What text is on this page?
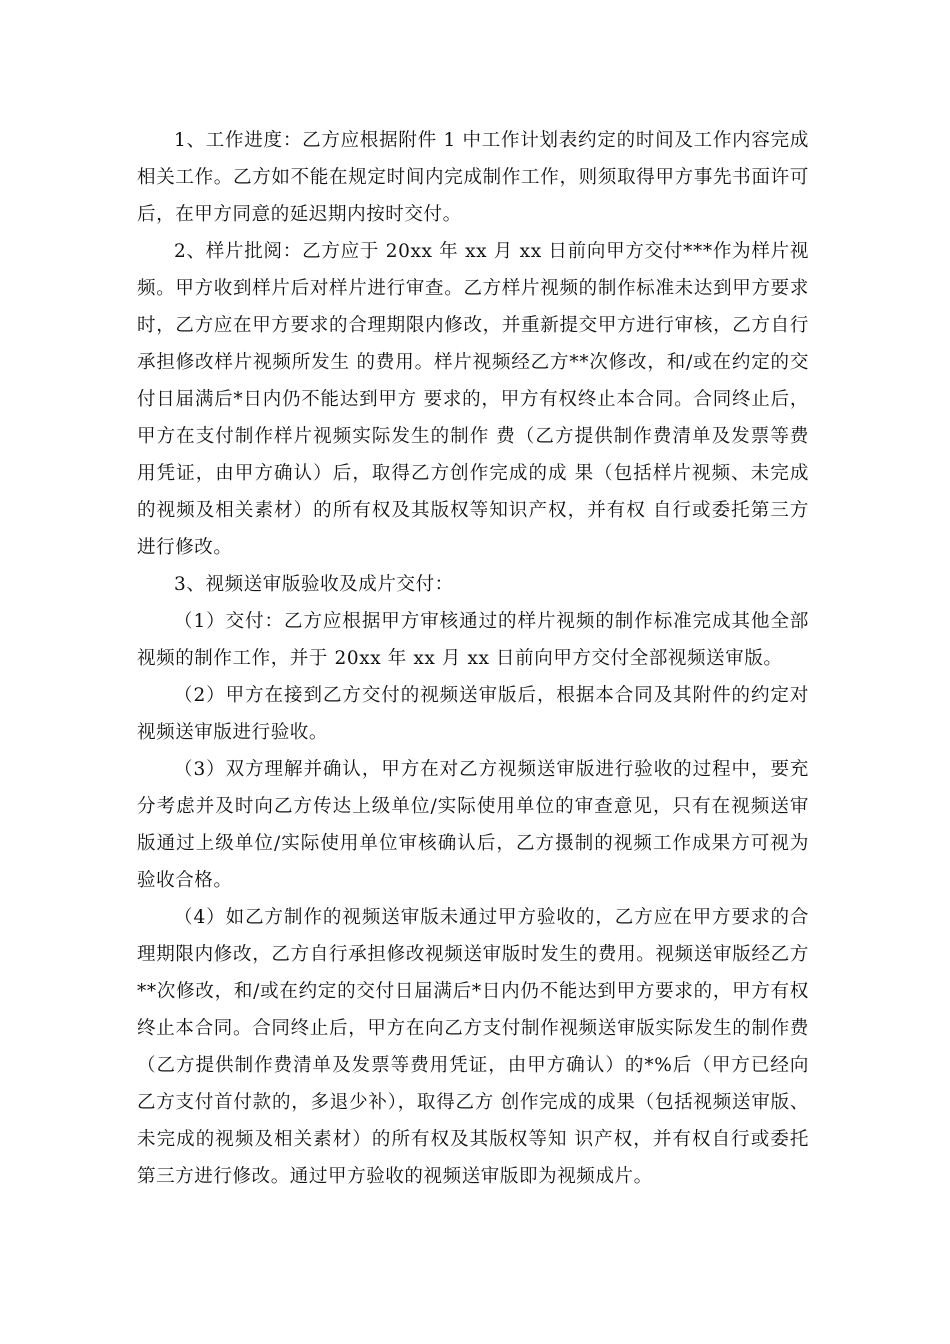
1、工作进度：乙方应根据附件 1 中工作计划表约定的时间及工作内容完成相关工作。乙方如不能在规定时间内完成制作工作，则须取得甲方事先书面许可后，在甲方同意的延迟期内按时交付。

2、样片批阅：乙方应于 20xx 年 xx 月 xx 日前向甲方交付***作为样片视频。甲方收到样片后对样片进行审查。乙方样片视频的制作标准未达到甲方要求时，乙方应在甲方要求的合理期限内修改，并重新提交甲方进行审核，乙方自行承担修改样片视频所发生 的费用。样片视频经乙方**次修改，和/或在约定的交付日届满后*日内仍不能达到甲方 要求的，甲方有权终止本合同。合同终止后，甲方在支付制作样片视频实际发生的制作 费（乙方提供制作费清单及发票等费用凭证，由甲方确认）后，取得乙方创作完成的成 果（包括样片视频、未完成的视频及相关素材）的所有权及其版权等知识产权，并有权 自行或委托第三方进行修改。

3、视频送审版验收及成片交付：

（1）交付：乙方应根据甲方审核通过的样片视频的制作标准完成其他全部视频的制作工作，并于 20xx 年 xx 月 xx 日前向甲方交付全部视频送审版。

（2）甲方在接到乙方交付的视频送审版后，根据本合同及其附件的约定对视频送审版进行验收。

（3）双方理解并确认，甲方在对乙方视频送审版进行验收的过程中，要充分考虑并及时向乙方传达上级单位/实际使用单位的审查意见，只有在视频送审版通过上级单位/实际使用单位审核确认后，乙方摄制的视频工作成果方可视为验收合格。

（4）如乙方制作的视频送审版未通过甲方验收的，乙方应在甲方要求的合理期限内修改，乙方自行承担修改视频送审版时发生的费用。视频送审版经乙方**次修改，和/或在约定的交付日届满后*日内仍不能达到甲方要求的，甲方有权终止本合同。合同终止后，甲方在向乙方支付制作视频送审版实际发生的制作费（乙方提供制作费清单及发票等费用凭证，由甲方确认）的*%后（甲方已经向乙方支付首付款的，多退少补），取得乙方 创作完成的成果（包括视频送审版、未完成的视频及相关素材）的所有权及其版权等知 识产权，并有权自行或委托第三方进行修改。通过甲方验收的视频送审版即为视频成片。
